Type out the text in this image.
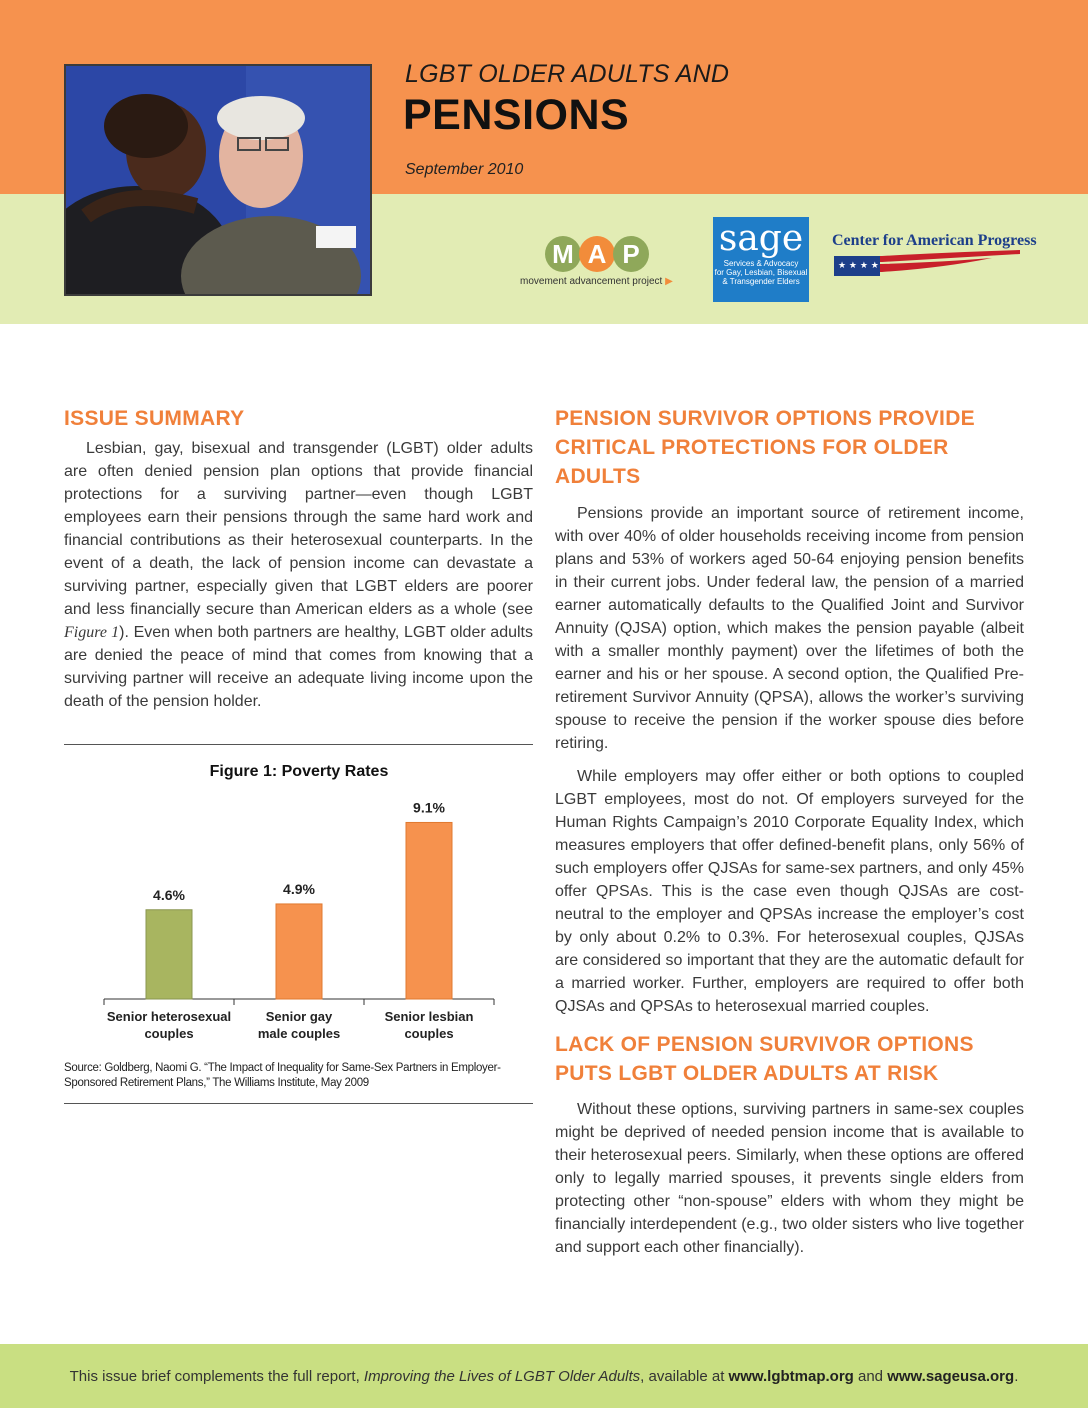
LGBT OLDER ADULTS AND
PENSIONS
September 2010
M A P
movement advancement project ▶
sage
Services & Advocacy
for Gay, Lesbian, Bisexual
& Transgender Elders
Center for American Progress
★ ★ ★ ★
ISSUE SUMMARY

Lesbian, gay, bisexual and transgender (LGBT) older adults are often denied pension plan options that provide financial protections for a surviving partner—even though LGBT employees earn their pensions through the same hard work and financial contributions as their heterosexual counterparts. In the event of a death, the lack of pension income can devastate a surviving partner, especially given that LGBT elders are poorer and less financially secure than American elders as a whole (see Figure 1). Even when both partners are healthy, LGBT older adults are denied the peace of mind that comes from knowing that a surviving partner will receive an adequate living income upon the death of the pension holder.

Figure 1: Poverty Rates
4.6%
Senior heterosexual
couples
4.9%
Senior gay
male couples
9.1%
Senior lesbian
couples
Source: Goldberg, Naomi G. “The Impact of Inequality for Same-Sex Partners in Employer-Sponsored Retirement Plans,” The Williams Institute, May 2009
PENSION SURVIVOR OPTIONS PROVIDE CRITICAL PROTECTIONS FOR OLDER ADULTS

Pensions provide an important source of retirement income, with over 40% of older households receiving income from pension plans and 53% of workers aged 50-64 enjoying pension benefits in their current jobs. Under federal law, the pension of a married earner automatically defaults to the Qualified Joint and Survivor Annuity (QJSA) option, which makes the pension payable (albeit with a smaller monthly payment) over the lifetimes of both the earner and his or her spouse. A second option, the Qualified Pre-retirement Survivor Annuity (QPSA), allows the worker’s surviving spouse to receive the pension if the worker spouse dies before retiring.

While employers may offer either or both options to coupled LGBT employees, most do not. Of employers surveyed for the Human Rights Campaign’s 2010 Corporate Equality Index, which measures employers that offer defined-benefit plans, only 56% of such employers offer QJSAs for same-sex partners, and only 45% offer QPSAs. This is the case even though QJSAs are cost-neutral to the employer and QPSAs increase the employer’s cost by only about 0.2% to 0.3%. For heterosexual couples, QJSAs are considered so important that they are the automatic default for a married worker. Further, employers are required to offer both QJSAs and QPSAs to heterosexual married couples.

LACK OF PENSION SURVIVOR OPTIONS PUTS LGBT OLDER ADULTS AT RISK

Without these options, surviving partners in same-sex couples might be deprived of needed pension income that is available to their heterosexual peers. Similarly, when these options are offered only to legally married spouses, it prevents single elders from protecting other “non-spouse” elders with whom they might be financially interdependent (e.g., two older sisters who live together and support each other financially).

This issue brief complements the full report, Improving the Lives of LGBT Older Adults, available at www.lgbtmap.org and www.sageusa.org.
